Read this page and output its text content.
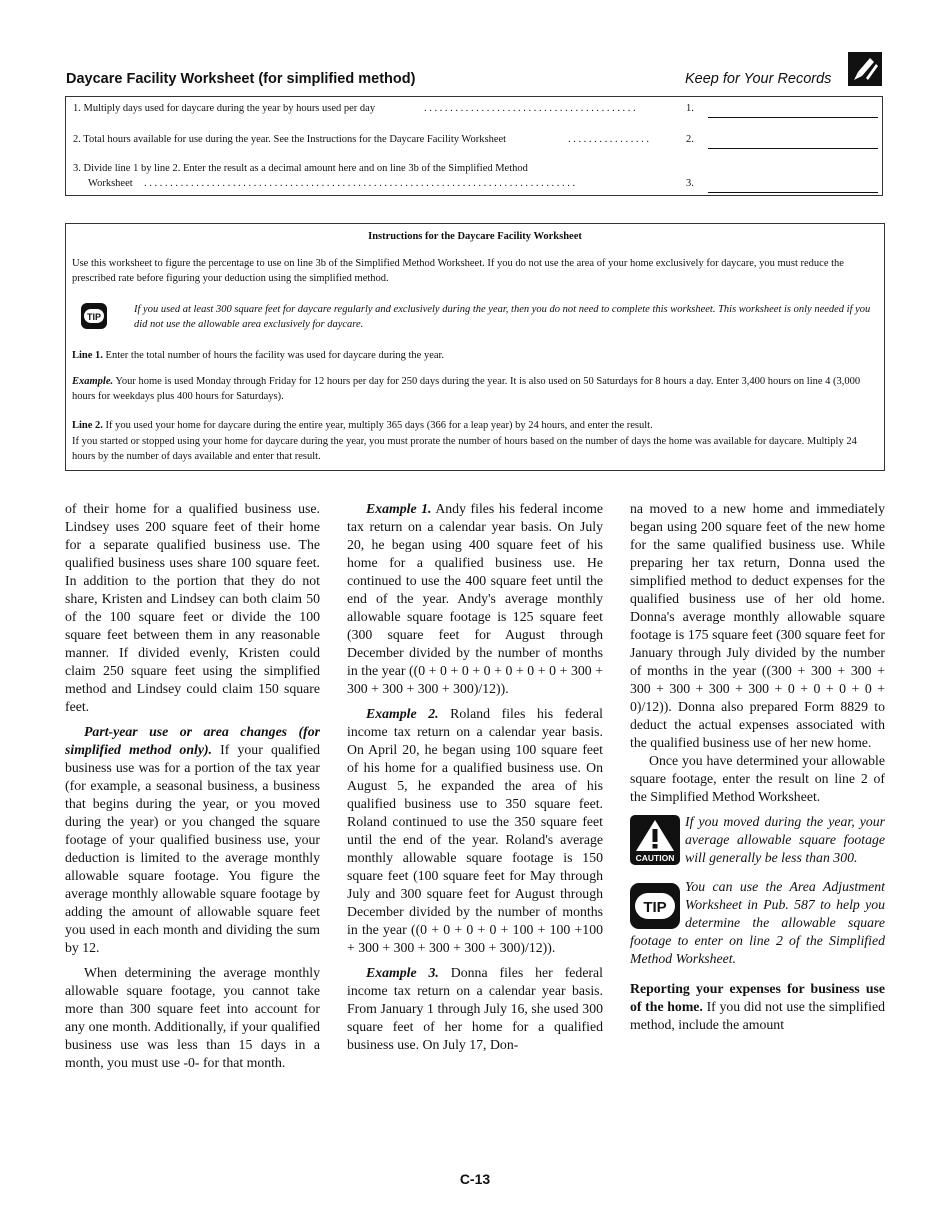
Daycare Facility Worksheet (for simplified method)	Keep for Your Records
1. Multiply days used for daycare during the year by hours used per day	.........................................	1.
2. Total hours available for use during the year. See the Instructions for the Daycare Facility Worksheet	................	2.
3. Divide line 1 by line 2. Enter the result as a decimal amount here and on line 3b of the Simplified Method
Worksheet ...................................................................................	3.

Instructions for the Daycare Facility Worksheet

Use this worksheet to figure the percentage to use on line 3b of the Simplified Method Worksheet. If you do not use the area of your home exclusively for daycare, you must reduce the prescribed rate before figuring your deduction using the simplified method.

TIP

If you used at least 300 square feet for daycare regularly and exclusively during the year, then you do not need to complete this worksheet. This worksheet is only needed if you did not use the allowable area exclusively for daycare.

Line 1. Enter the total number of hours the facility was used for daycare during the year.

Example. Your home is used Monday through Friday for 12 hours per day for 250 days during the year. It is also used on 50 Saturdays for 8 hours a day. Enter 3,400 hours on line 4 (3,000 hours for weekdays plus 400 hours for Saturdays).

Line 2. If you used your home for daycare during the entire year, multiply 365 days (366 for a leap year) by 24 hours, and enter the result.

If you started or stopped using your home for daycare during the year, you must prorate the number of hours based on the number of days the home was available for daycare. Multiply 24 hours by the number of days available and enter that result.

of their home for a qualified business use. Lindsey uses 200 square feet of their home for a separate qualified business use. The qualified business uses share 100 square feet. In addition to the portion that they do not share, Kristen and Lindsey can both claim 50 of the 100 square feet or divide the 100 square feet between them in any reasonable manner. If divided evenly, Kristen could claim 250 square feet using the simplified method and Lindsey could claim 150 square feet.

Part-year use or area changes (for simplified method only). If your qualified business use was for a portion of the tax year (for example, a seasonal business, a business that begins during the year, or you moved during the year) or you changed the square footage of your qualified business use, your deduction is limited to the average monthly allowable square footage. You figure the average monthly allowable square footage by adding the amount of allowable square feet you used in each month and dividing the sum by 12.

When determining the average monthly allowable square footage, you cannot take more than 300 square feet into account for any one month. Additionally, if your qualified business use was less than 15 days in a month, you must use -0- for that month.

Example 1. Andy files his federal income tax return on a calendar year basis. On July 20, he began using 400 square feet of his home for a qualified business use. He continued to use the 400 square feet until the end of the year. Andy's average monthly allowable square footage is 125 square feet (300 square feet for August through December divided by the number of months in the year ((0 + 0 + 0 + 0 + 0 + 0 + 0 + 300 + 300 + 300 + 300 + 300)/12)).

Example 2. Roland files his federal income tax return on a calendar year basis. On April 20, he began using 100 square feet of his home for a qualified business use. On August 5, he expanded the area of his qualified business use to 350 square feet. Roland continued to use the 350 square feet until the end of the year. Roland's average monthly allowable square footage is 150 square feet (100 square feet for May through July and 300 square feet for August through December divided by the number of months in the year ((0 + 0 + 0 + 0 + 100 + 100 +100 + 300 + 300 + 300 + 300 + 300)/12)).

Example 3. Donna files her federal income tax return on a calendar year basis. From January 1 through July 16, she used 300 square feet of her home for a qualified business use. On July 17, Don-

na moved to a new home and immediately began using 200 square feet of the new home for the same qualified business use. While preparing her tax return, Donna used the simplified method to deduct expenses for the qualified business use of her old home. Donna's average monthly allowable square footage is 175 square feet (300 square feet for January through July divided by the number of months in the year ((300 + 300 + 300 + 300 + 300 + 300 + 300 + 0 + 0 + 0 + 0 + 0)/12)). Donna also prepared Form 8829 to deduct the actual expenses associated with the qualified business use of her new home.

Once you have determined your allowable square footage, enter the result on line 2 of the Simplified Method Worksheet.

CAUTION

If you moved during the year, your average allowable square footage will generally be less than 300.

TIP

You can use the Area Adjustment Worksheet in Pub. 587 to help you determine the allowable square footage to enter on line 2 of the Simplified Method Worksheet.

Reporting your expenses for business use of the home. If you did not use the simplified method, include the amount

C-13
